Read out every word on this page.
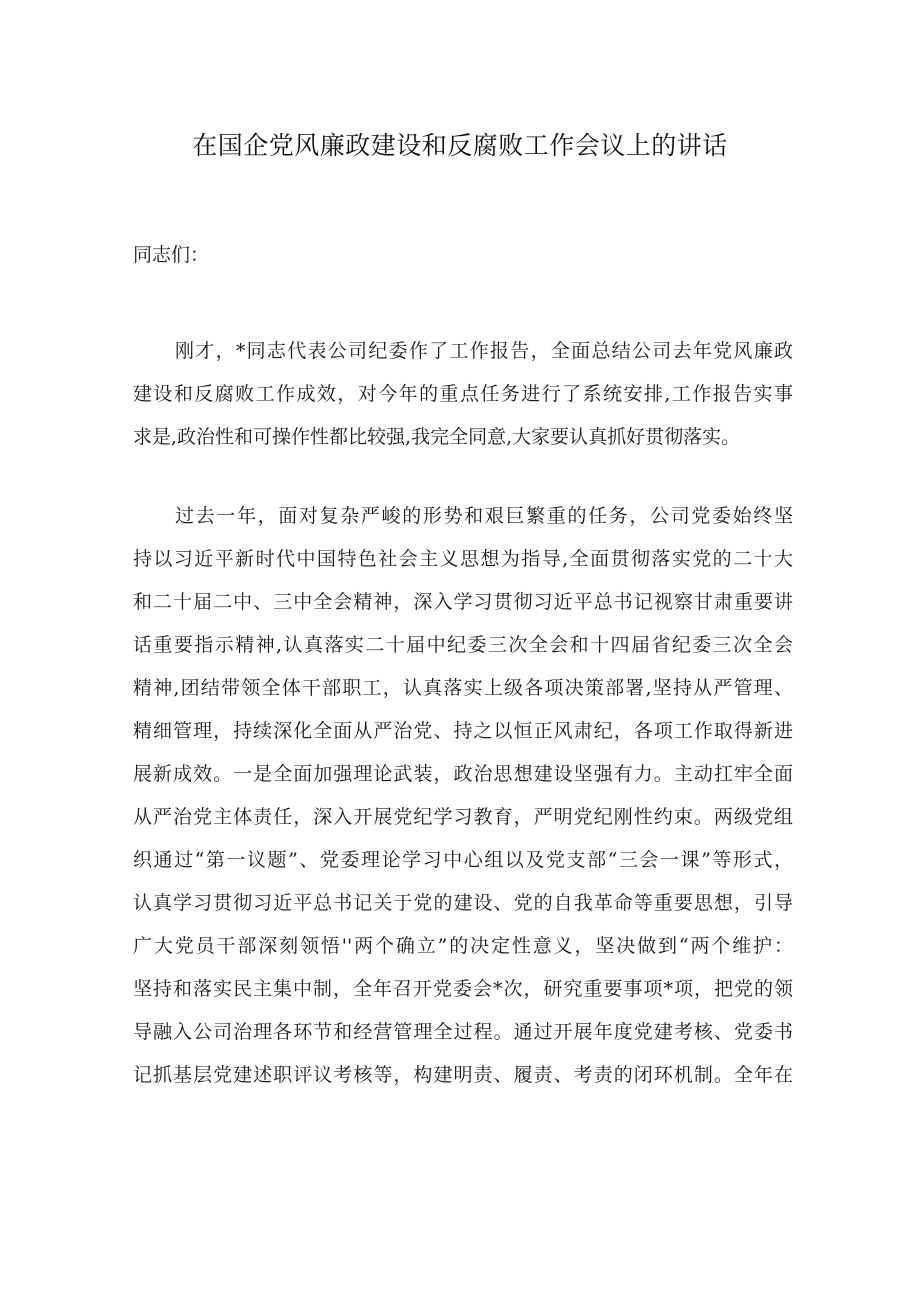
在国企党风廉政建设和反腐败工作会议上的讲话

同志们：

刚才，*同志代表公司纪委作了工作报告，全面总结公司去年党风廉政
建设和反腐败工作成效，对今年的重点任务进行了系统安排,工作报告实事
求是,政治性和可操作性都比较强,我完全同意,大家要认真抓好贯彻落实。
过去一年，面对复杂严峻的形势和艰巨繁重的任务，公司党委始终坚
持以习近平新时代中国特色社会主义思想为指导,全面贯彻落实党的二十大
和二十届二中、三中全会精神，深入学习贯彻习近平总书记视察甘肃重要讲
话重要指示精神,认真落实二十届中纪委三次全会和十四届省纪委三次全会
精神,团结带领全体干部职工，认真落实上级各项决策部署,坚持从严管理、
精细管理，持续深化全面从严治党、持之以恒正风肃纪，各项工作取得新进
展新成效。一是全面加强理论武装，政治思想建设坚强有力。主动扛牢全面
从严治党主体责任，深入开展党纪学习教育，严明党纪刚性约束。两级党组
织通过“第一议题”、党委理论学习中心组以及党支部“三会一课”等形式，
认真学习贯彻习近平总书记关于党的建设、党的自我革命等重要思想，引导
广大党员干部深刻领悟''两个确立”的决定性意义，坚决做到“两个维护：
坚持和落实民主集中制，全年召开党委会*次，研究重要事项*项，把党的领
导融入公司治理各环节和经营管理全过程。通过开展年度党建考核、党委书
记抓基层党建述职评议考核等，构建明责、履责、考责的闭环机制。全年在
